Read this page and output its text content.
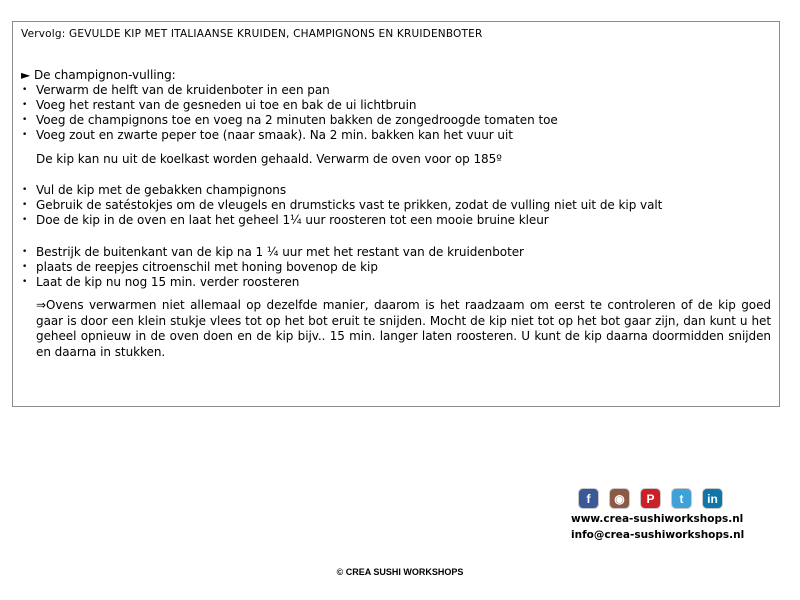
Vervolg: GEVULDE KIP MET ITALIAANSE KRUIDEN, CHAMPIGNONS EN KRUIDENBOTER
► De champignon-vulling:
• Verwarm de helft van de kruidenboter in een pan
• Voeg het restant van de gesneden ui toe en bak de ui lichtbruin
• Voeg de champignons toe en voeg na 2 minuten bakken de zongedroogde tomaten toe
• Voeg zout en zwarte peper toe (naar smaak). Na 2 min. bakken kan het vuur uit
De kip kan nu uit de koelkast worden gehaald. Verwarm de oven voor op 185º
• Vul de kip met de gebakken champignons
• Gebruik de satéstokjes om de vleugels en drumsticks vast te prikken, zodat de vulling niet uit de kip valt
• Doe de kip in de oven en laat het geheel 1¼ uur roosteren tot een mooie bruine kleur
• Bestrijk de buitenkant van de kip na 1 ¼ uur met het restant van de kruidenboter
• plaats de reepjes citroenschil met honing bovenop de kip
• Laat de kip nu nog 15 min. verder roosteren
⇒Ovens verwarmen niet allemaal op dezelfde manier, daarom is het raadzaam om eerst te controleren of de kip goed gaar is door een klein stukje vlees tot op het bot eruit te snijden. Mocht de kip niet tot op het bot gaar zijn, dan kunt u het geheel opnieuw in de oven doen en de kip bijv.. 15 min. langer laten roosteren. U kunt de kip daarna doormidden snijden en daarna in stukken.
f	◉	P	t	in
www.crea-sushiworkshops.nl
info@crea-sushiworkshops.nl
© CREA SUSHI WORKSHOPS
